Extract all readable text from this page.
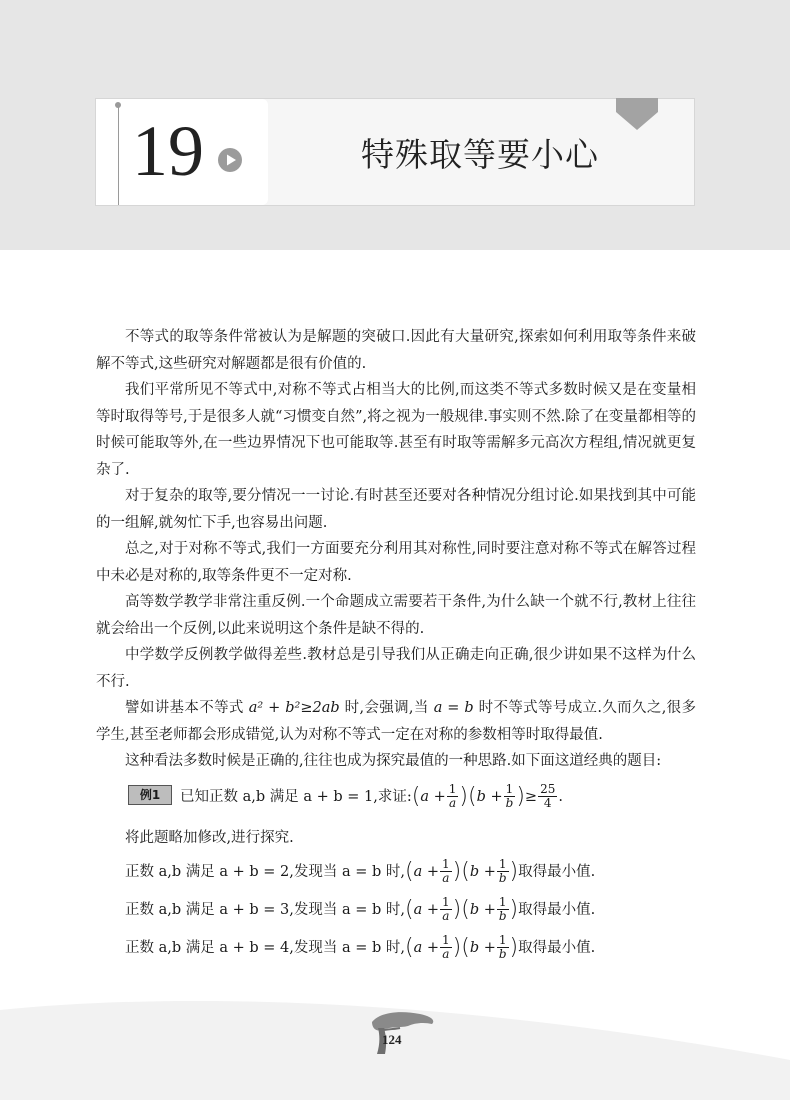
19	特殊取等要小心

不等式的取等条件常被认为是解题的突破口.因此有大量研究,探索如何利用取等条件来破解不等式,这些研究对解题都是很有价值的.

我们平常所见不等式中,对称不等式占相当大的比例,而这类不等式多数时候又是在变量相等时取得等号,于是很多人就“习惯变自然”,将之视为一般规律.事实则不然.除了在变量都相等的时候可能取等外,在一些边界情况下也可能取等.甚至有时取等需解多元高次方程组,情况就更复杂了.

对于复杂的取等,要分情况一一讨论.有时甚至还要对各种情况分组讨论.如果找到其中可能的一组解,就匆忙下手,也容易出问题.

总之,对于对称不等式,我们一方面要充分利用其对称性,同时要注意对称不等式在解答过程中未必是对称的,取等条件更不一定对称.

高等数学教学非常注重反例.一个命题成立需要若干条件,为什么缺一个就不行,教材上往往就会给出一个反例,以此来说明这个条件是缺不得的.

中学数学反例教学做得差些.教材总是引导我们从正确走向正确,很少讲如果不这样为什么不行.

譬如讲基本不等式 a² + b²≥2ab 时,会强调,当 a = b 时不等式等号成立.久而久之,很多学生,甚至老师都会形成错觉,认为对称不等式一定在对称的参数相等时取得最值.

这种看法多数时候是正确的,往往也成为探究最值的一种思路.如下面这道经典的题目:

例1	已知正数 a,b 满足 a + b = 1,求证:(a + $\frac{1}{a} )(b + \frac{1}{b}$ )≥ $\frac{25}{4}$ .
将此题略加修改,进行探究.
正数 a,b 满足 a + b = 2,发现当 a = b 时$,(a + \frac{1}{a} )(b + \frac{1}{b}$ )取得最小值.
正数 a,b 满足 a + b = 3,发现当 a = b 时$,(a + \frac{1}{a} )(b + \frac{1}{b}$ )取得最小值.
正数 a,b 满足 a + b = 4,发现当 a = b 时$,(a + \frac{1}{a} )(b + \frac{1}{b}$ )取得最小值.
124
